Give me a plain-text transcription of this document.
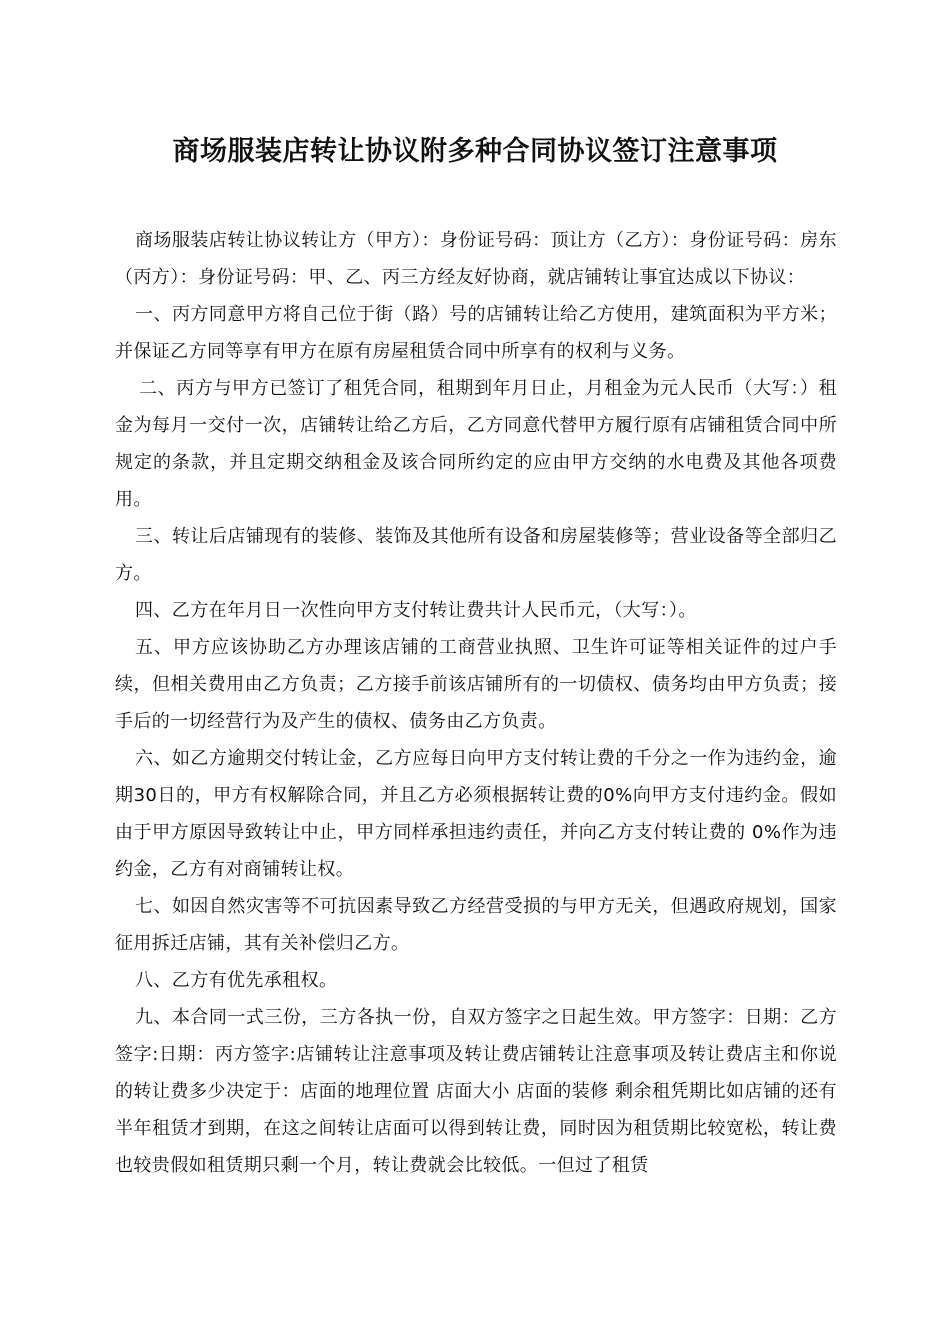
商场服装店转让协议附多种合同协议签订注意事项

商场服装店转让协议转让方（甲方）：身份证号码：顶让方（乙方）：身份证号码：房东（丙方）：身份证号码：甲、乙、丙三方经友好协商，就店铺转让事宜达成以下协议：

一、丙方同意甲方将自己位于街（路）号的店铺转让给乙方使用，建筑面积为平方米；并保证乙方同等享有甲方在原有房屋租赁合同中所享有的权利与义务。

二、丙方与甲方已签订了租凭合同，租期到年月日止，月租金为元人民币（大写：）租金为每月一交付一次，店铺转让给乙方后，乙方同意代替甲方履行原有店铺租赁合同中所规定的条款，并且定期交纳租金及该合同所约定的应由甲方交纳的水电费及其他各项费用。

三、转让后店铺现有的装修、装饰及其他所有设备和房屋装修等；营业设备等全部归乙方。

四、乙方在年月日一次性向甲方支付转让费共计人民币元，（大写：）。

五、甲方应该协助乙方办理该店铺的工商营业执照、卫生许可证等相关证件的过户手续，但相关费用由乙方负责；乙方接手前该店铺所有的一切债权、债务均由甲方负责；接手后的一切经营行为及产生的债权、债务由乙方负责。

六、如乙方逾期交付转让金，乙方应每日向甲方支付转让费的千分之一作为违约金，逾期30日的，甲方有权解除合同，并且乙方必须根据转让费的0%向甲方支付违约金。假如由于甲方原因导致转让中止，甲方同样承担违约责任，并向乙方支付转让费的 0%作为违约金，乙方有对商铺转让权。

七、如因自然灾害等不可抗因素导致乙方经营受损的与甲方无关，但遇政府规划，国家征用拆迁店铺，其有关补偿归乙方。

八、乙方有优先承租权。

九、本合同一式三份，三方各执一份，自双方签字之日起生效。甲方签字：日期：乙方签字:日期：丙方签字:店铺转让注意事项及转让费店铺转让注意事项及转让费店主和你说的转让费多少决定于：店面的地理位置 店面大小 店面的装修 剩余租凭期比如店铺的还有半年租赁才到期，在这之间转让店面可以得到转让费，同时因为租赁期比较宽松，转让费也较贵假如租赁期只剩一个月，转让费就会比较低。一但过了租赁
